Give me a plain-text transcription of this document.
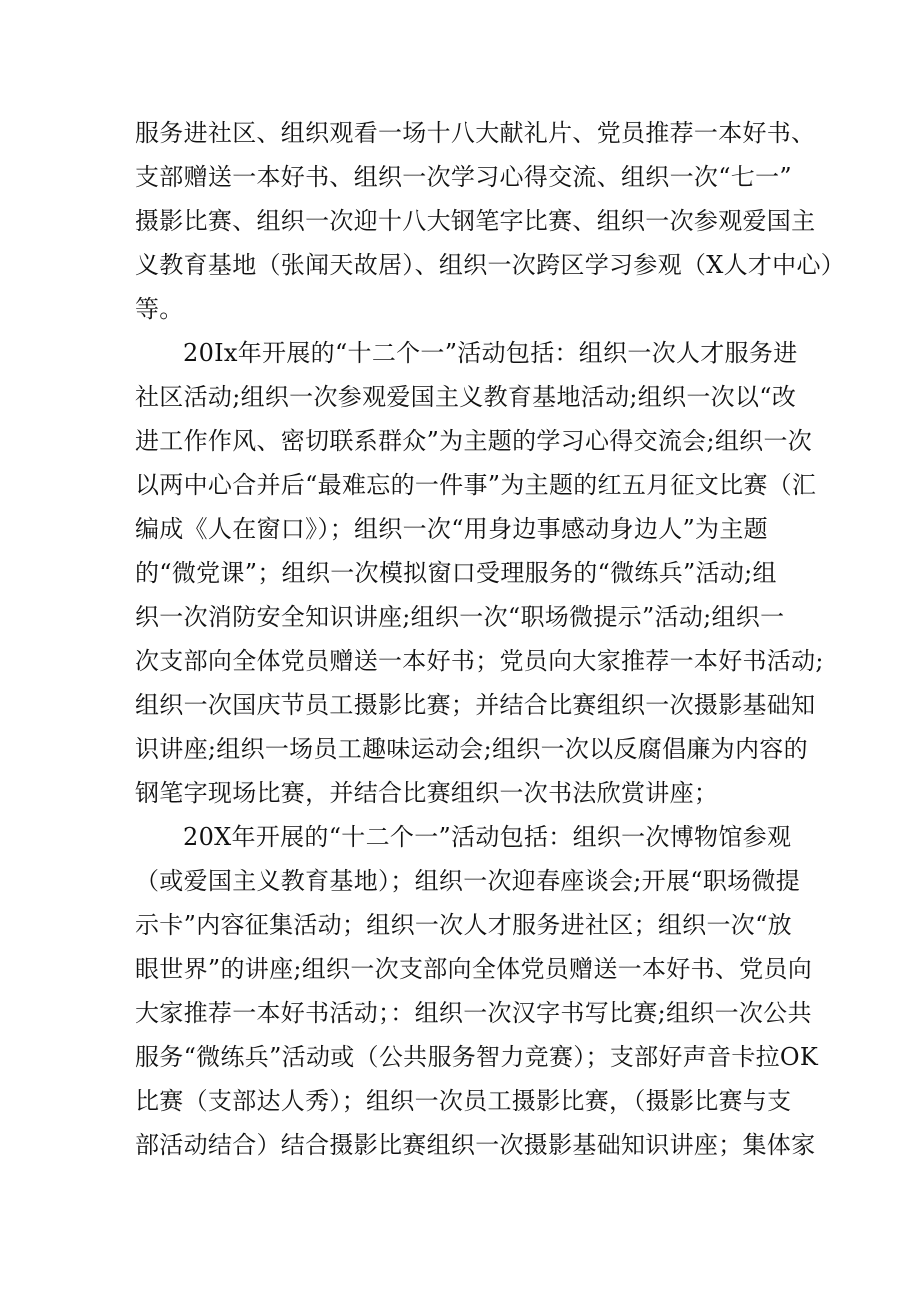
服务进社区、组织观看一场十八大献礼片、党员推荐一本好书、
支部赠送一本好书、组织一次学习心得交流、组织一次“七一”
摄影比赛、组织一次迎十八大钢笔字比赛、组织一次参观爱国主
义教育基地（张闻天故居）、组织一次跨区学习参观（X人才中心）
等。
20Ix年开展的“十二个一”活动包括：组织一次人才服务进
社区活动;组织一次参观爱国主义教育基地活动;组织一次以“改
进工作作风、密切联系群众”为主题的学习心得交流会;组织一次
以两中心合并后“最难忘的一件事”为主题的红五月征文比赛（汇
编成《人在窗口》）；组织一次“用身边事感动身边人”为主题
的“微党课”；组织一次模拟窗口受理服务的“微练兵”活动;组
织一次消防安全知识讲座;组织一次“职场微提示”活动;组织一
次支部向全体党员赠送一本好书；党员向大家推荐一本好书活动;
组织一次国庆节员工摄影比赛；并结合比赛组织一次摄影基础知
识讲座;组织一场员工趣味运动会;组织一次以反腐倡廉为内容的
钢笔字现场比赛，并结合比赛组织一次书法欣赏讲座；
20X年开展的“十二个一”活动包括：组织一次博物馆参观
（或爱国主义教育基地）；组织一次迎春座谈会;开展“职场微提
示卡”内容征集活动；组织一次人才服务进社区；组织一次“放
眼世界”的讲座;组织一次支部向全体党员赠送一本好书、党员向
大家推荐一本好书活动；：组织一次汉字书写比赛;组织一次公共
服务“微练兵”活动或（公共服务智力竞赛）；支部好声音卡拉OK
比赛（支部达人秀）；组织一次员工摄影比赛，（摄影比赛与支
部活动结合）结合摄影比赛组织一次摄影基础知识讲座；集体家
